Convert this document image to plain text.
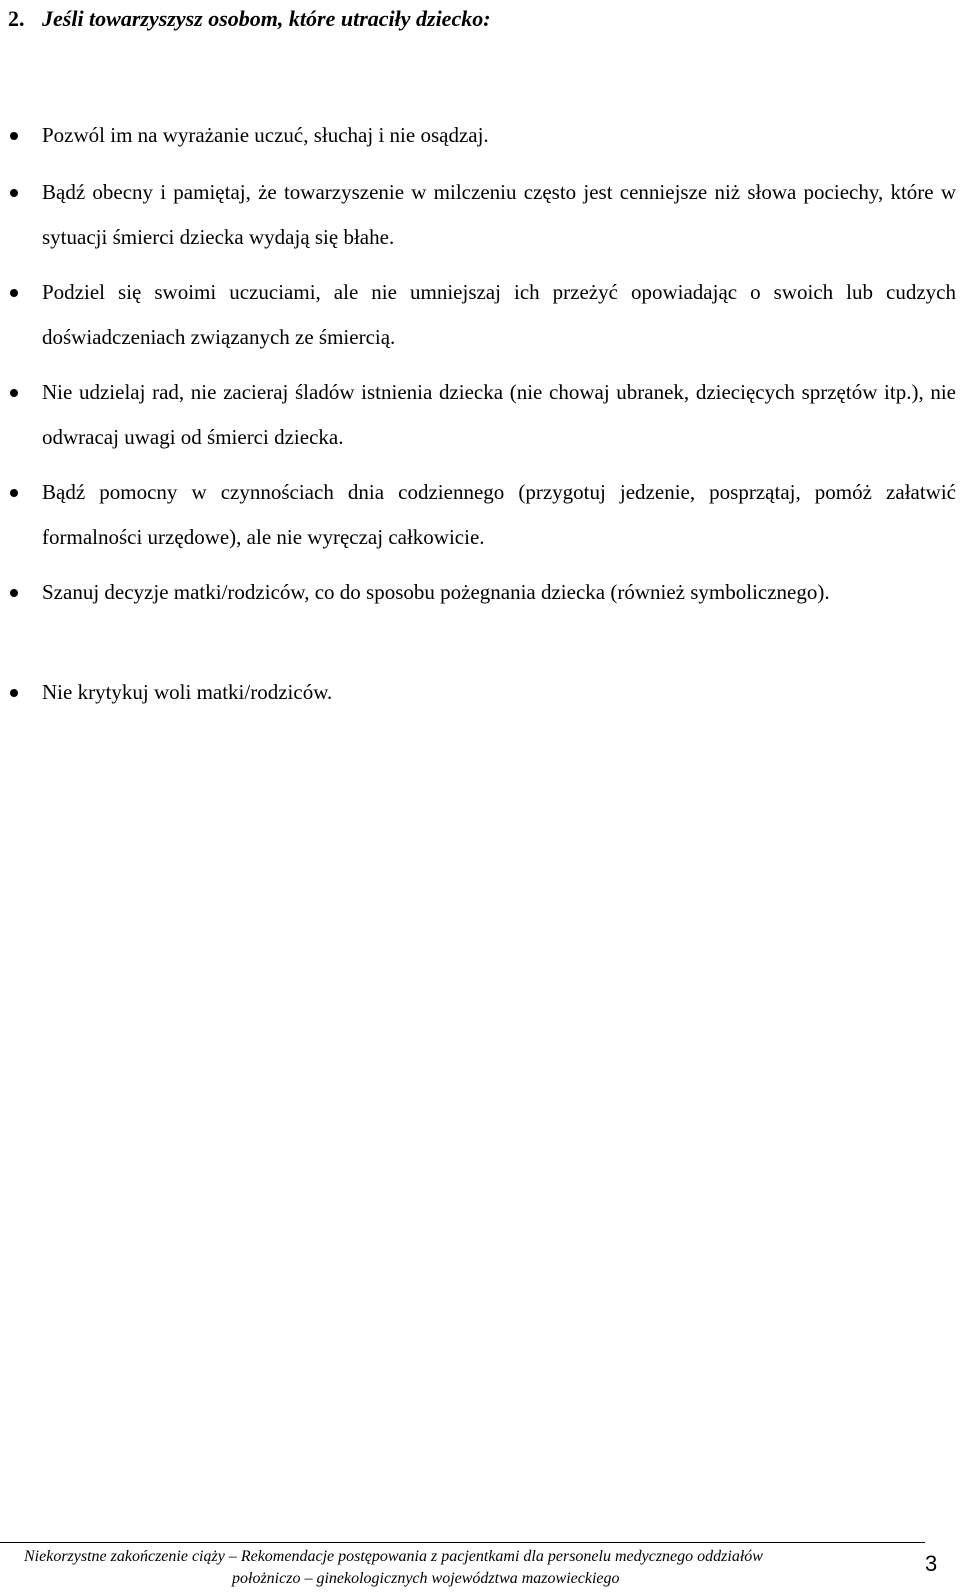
2. Jeśli towarzyszysz osobom, które utraciły dziecko:

Pozwól im na wyrażanie uczuć, słuchaj i nie osądzaj.

Bądź obecny i pamiętaj, że towarzyszenie w milczeniu często jest cenniejsze niż słowa pociechy, które w sytuacji śmierci dziecka wydają się błahe.

Podziel się swoimi uczuciami, ale nie umniejszaj ich przeżyć opowiadając o swoich lub cudzych doświadczeniach związanych ze śmiercią.

Nie udzielaj rad, nie zacieraj śladów istnienia dziecka (nie chowaj ubranek, dziecięcych sprzętów itp.), nie odwracaj uwagi od śmierci dziecka.

Bądź pomocny w czynnościach dnia codziennego (przygotuj jedzenie, posprzątaj, pomóż załatwić formalności urzędowe), ale nie wyręczaj całkowicie.

Szanuj decyzje matki/rodziców, co do sposobu pożegnania dziecka (również symbolicznego).

Nie krytykuj woli matki/rodziców.

Niekorzystne zakończenie ciąży – Rekomendacje postępowania z pacjentkami dla personelu medycznego oddziałów
położniczo – ginekologicznych województwa mazowieckiego
3
